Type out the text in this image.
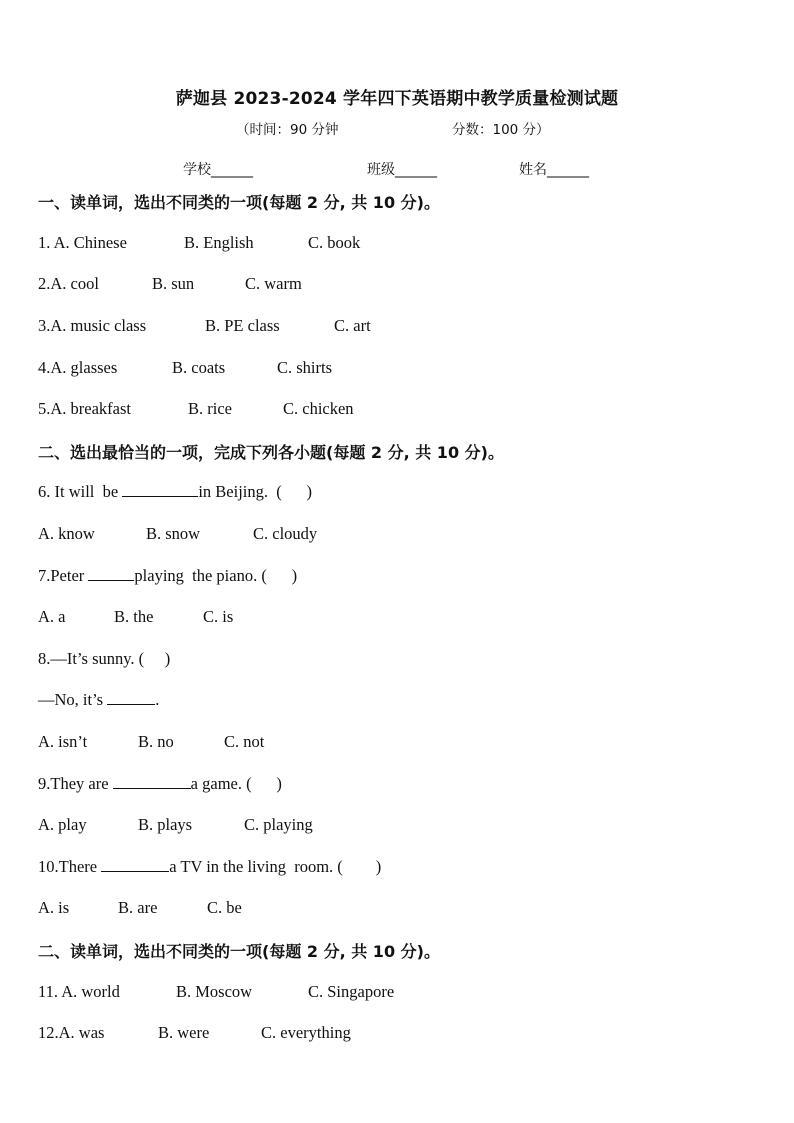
萨迦县 2023-2024 学年四下英语期中教学质量检测试题
（时间：90 分钟	分数：100 分）
学校______	班级______	姓名______
一、读单词，选出不同类的一项(每题 2 分, 共 10 分)。
1. A. Chinese	B. English	C. book
2.A. cool	B. sun	C. warm
3.A. music class	B. PE class	C. art
4.A. glasses	B. coats	C. shirts
5.A. breakfast	B. rice	C. chicken
二、选出最恰当的一项，完成下列各小题(每题 2 分, 共 10 分)。
6. It will  be	in Beijing.  (      )
A. know	B. snow	C. cloudy
7.Peter	playing  the piano. (      )
A. a	B. the	C. is
8.—It’s sunny. (     )
—No, it’s	.
A. isn’t	B. no	C. not
9.They are	a game. (      )
A. play	B. plays	C. playing
10.There	a TV in the living  room. (        )
A. is	B. are	C. be
二、读单词，选出不同类的一项(每题 2 分, 共 10 分)。
11. A. world	B. Moscow	C. Singapore
12.A. was	B. were	C. everything
